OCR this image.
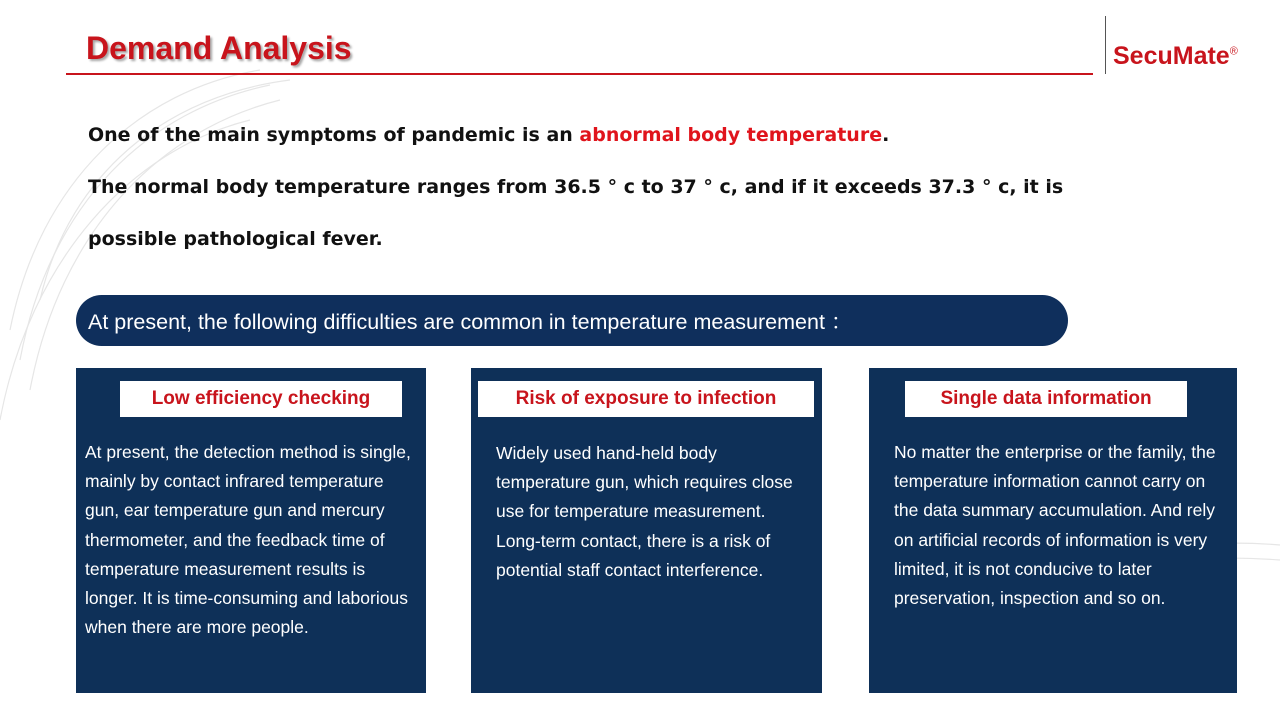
Demand Analysis	SecuMate®

One of the main symptoms of pandemic is an abnormal body temperature.

The normal body temperature ranges from 36.5 ° c to 37 ° c, and if it exceeds 37.3 ° c, it is

possible pathological fever.

At present, the following difficulties are common in temperature measurement ：
Low efficiency checking

At present, the detection method is single, mainly by contact infrared temperature gun, ear temperature gun and mercury thermometer, and the feedback time of temperature measurement results is longer. It is time-consuming and laborious when there are more people.

Risk of exposure to infection

Widely used hand-held body temperature gun, which requires close use for temperature measurement. Long-term contact, there is a risk of potential staff contact interference.

Single data information

No matter the enterprise or the family, the temperature information cannot carry on the data summary accumulation. And rely on artificial records of information is very limited, it is not conducive to later preservation, inspection and so on.
